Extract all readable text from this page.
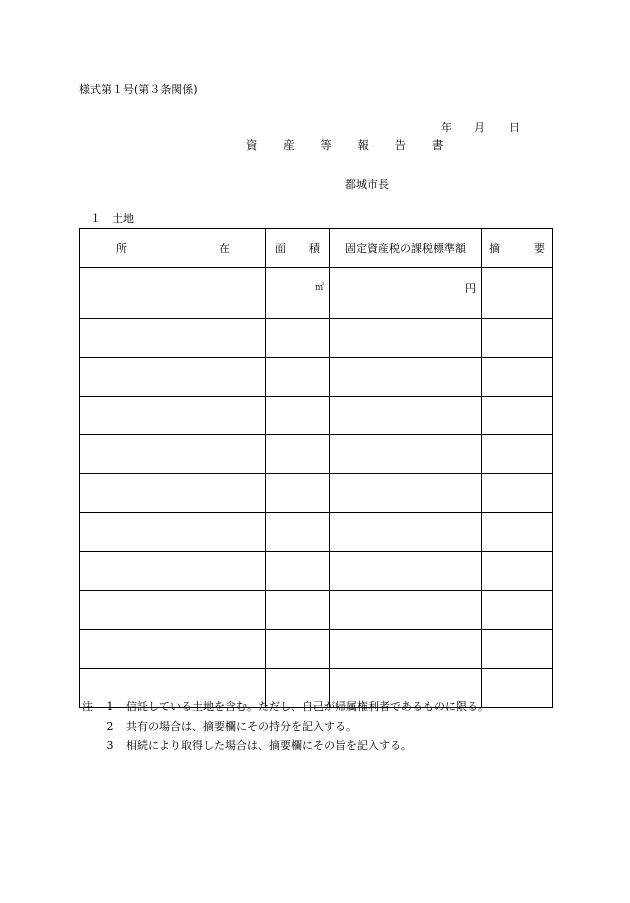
様式第１号(第３条関係)
年 月 日
資 産 等 報 告 書
都城市長
１　土地
所 在	面 積	固定資産税の課税標準額	摘 要

	㎡	円	

注	1	信託している土地を含む。ただし、自己が帰属権利者であるものに限る。
2	共有の場合は、摘要欄にその持分を記入する。
3	相続により取得した場合は、摘要欄にその旨を記入する。
